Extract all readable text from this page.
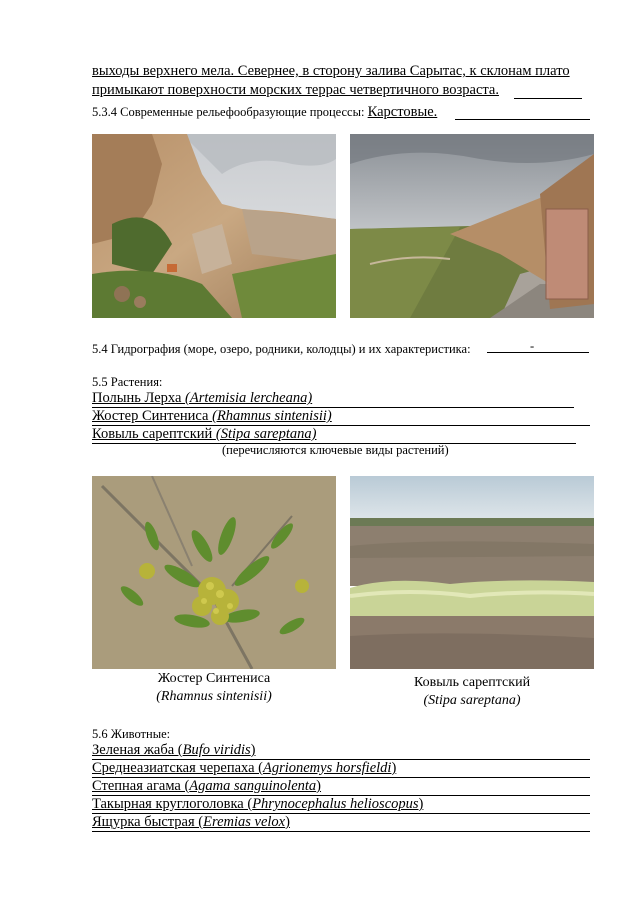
выходы верхнего мела. Севернее, в сторону залива Сарытас, к склонам плато
примыкают поверхности морских террас четвертичного возраста.
5.3.4 Современные рельефообразующие процессы: Карстовые.
5.4 Гидрография (море, озеро, родники, колодцы) и их характеристика:	-
5.5 Растения:
Полынь Лерха (Artemisia lercheana)
Жостер Синтениса (Rhamnus sintenisii)
Ковыль сарептский (Stipa sareptana)
(перечисляются ключевые виды растений)
Жостер Синтениса
(Rhamnus sintenisii)
Ковыль сарептский
(Stipa sareptana)
5.6 Животные:
Зеленая жаба (Bufo viridis)
Среднеазиатская черепаха (Agrionemys horsfieldi)
Степная агама (Agama sanguinolenta)
Такырная круглоголовка (Phrynocephalus helioscopus)
Ящурка быстрая (Eremias velox)
